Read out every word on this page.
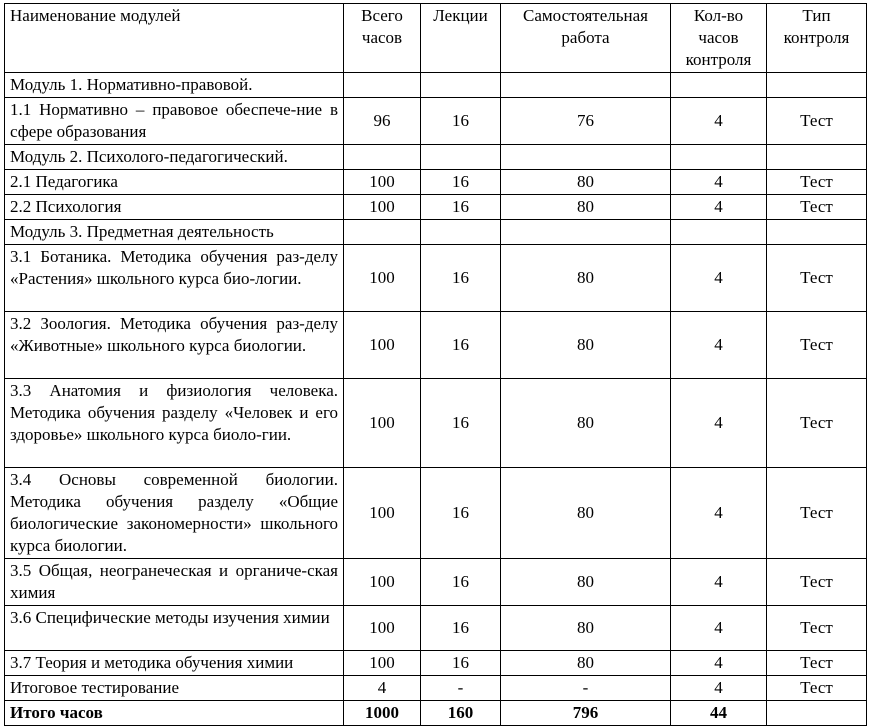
Наименование модулей	Всего часов	Лекции	Самостоятельная работа	Кол-во часов контроля	Тип контроля
Модуль 1. Нормативно-правовой.					
1.1 Нормативно – правовое обеспече-ние в сфере образования	96	16	76	4	Тест
Модуль 2. Психолого-педагогический.					
2.1 Педагогика	100	16	80	4	Тест
2.2 Психология	100	16	80	4	Тест
Модуль 3. Предметная деятельность					
3.1 Ботаника. Методика обучения раз-делу «Растения» школьного курса био-логии.	100	16	80	4	Тест
3.2 Зоология. Методика обучения раз-делу «Животные» школьного курса биологии.	100	16	80	4	Тест
3.3 Анатомия и физиология человека. Методика обучения разделу «Человек и его здоровье» школьного курса биоло-гии.	100	16	80	4	Тест
3.4 Основы современной биологии. Методика обучения разделу «Общие биологические закономерности» школьного курса биологии.	100	16	80	4	Тест
3.5 Общая, неогранеческая и органиче-ская химия	100	16	80	4	Тест
3.6 Специфические методы изучения химии	100	16	80	4	Тест
3.7 Теория и методика обучения химии	100	16	80	4	Тест
Итоговое тестирование	4	-	-	4	Тест
Итого часов	1000	160	796	44	
